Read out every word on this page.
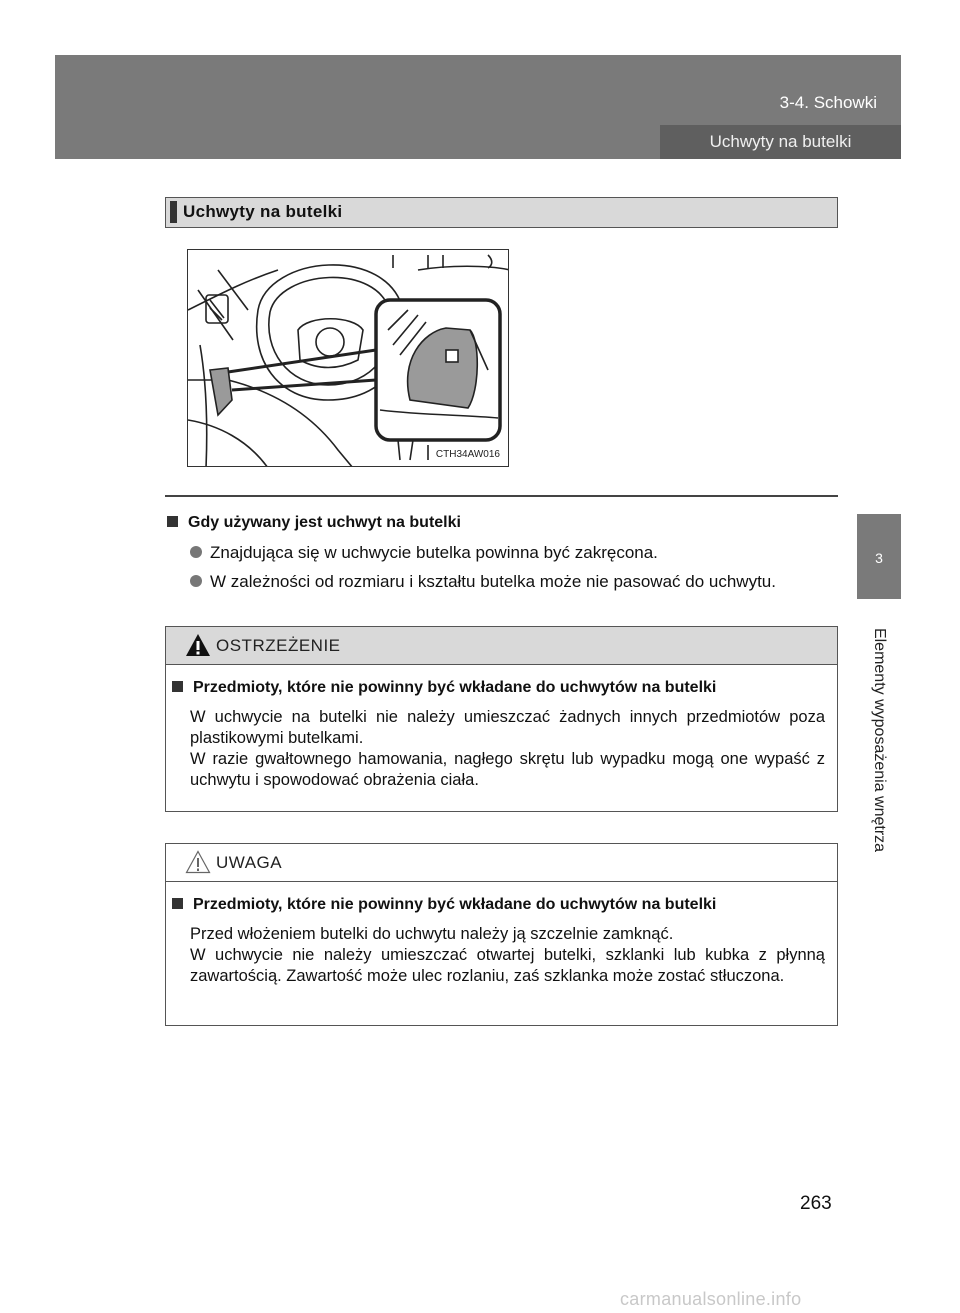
3-4. Schowki
Uchwyty na butelki
3
Elementy wyposażenia wnętrza
Uchwyty na butelki
CTH34AW016
Gdy używany jest uchwyt na butelki
Znajdująca się w uchwycie butelka powinna być zakręcona.
W zależności od rozmiaru i kształtu butelka może nie pasować do uchwytu.
OSTRZEŻENIE
Przedmioty, które nie powinny być wkładane do uchwytów na butelki

W uchwycie na butelki nie należy umieszczać żadnych innych przedmiotów poza plastikowymi butelkami.

W razie gwałtownego hamowania, nagłego skrętu lub wypadku mogą one wypaść z uchwytu i spowodować obrażenia ciała.

UWAGA
Przedmioty, które nie powinny być wkładane do uchwytów na butelki

Przed włożeniem butelki do uchwytu należy ją szczelnie zamknąć.

W uchwycie nie należy umieszczać otwartej butelki, szklanki lub kubka z płynną zawartością. Zawartość może ulec rozlaniu, zaś szklanka może zostać stłuczona.

263
carmanualsonline.info
